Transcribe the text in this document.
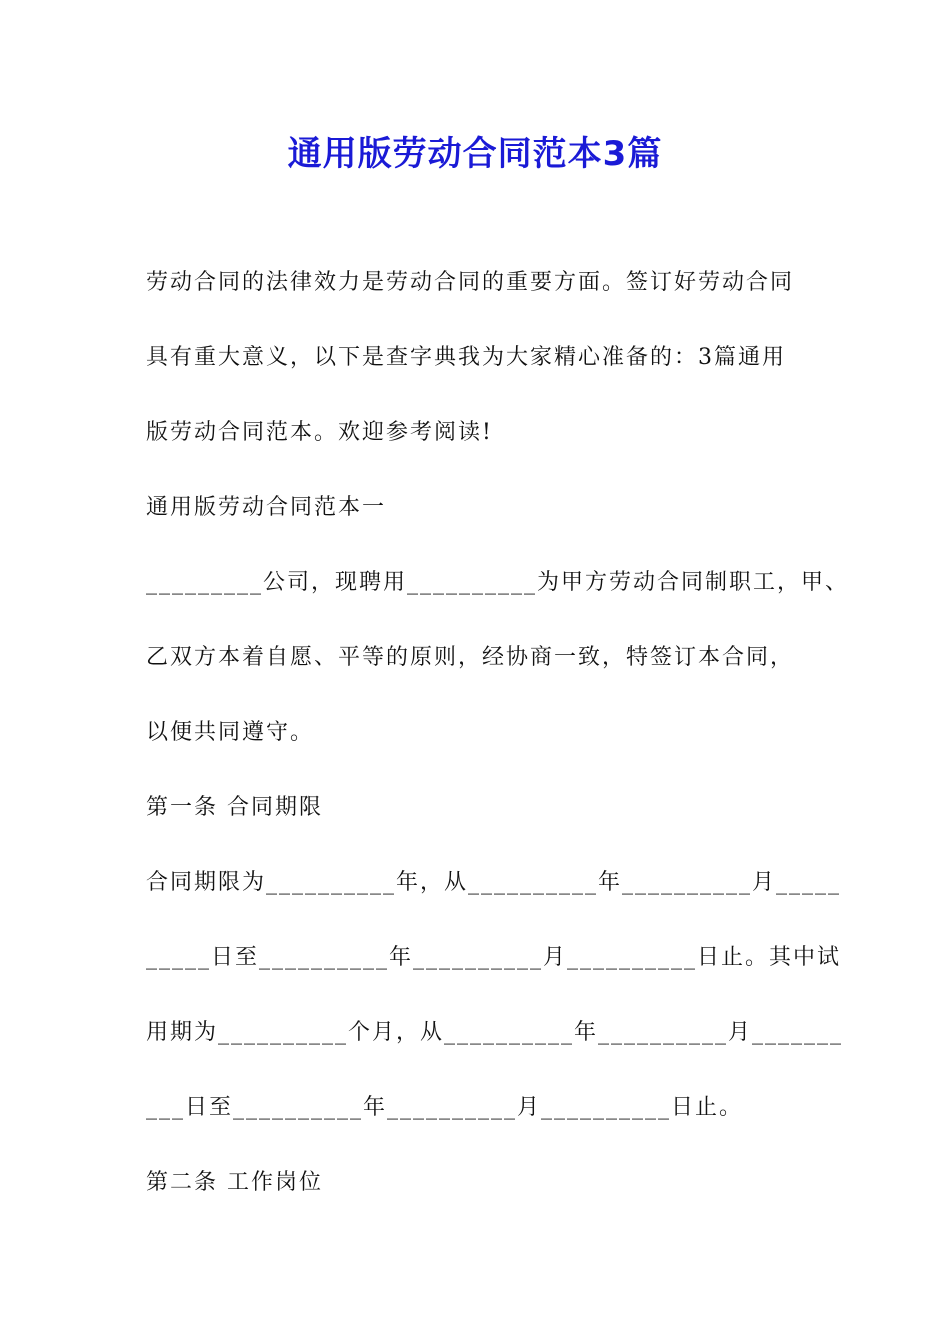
通用版劳动合同范本3篇
劳动合同的法律效力是劳动合同的重要方面。签订好劳动合同
具有重大意义，以下是查字典我为大家精心准备的：3篇通用
版劳动合同范本。欢迎参考阅读!
通用版劳动合同范本一
_________公司，现聘用__________为甲方劳动合同制职工，甲、
乙双方本着自愿、平等的原则，经协商一致，特签订本合同，
以便共同遵守。
第一条 合同期限
合同期限为__________年，从__________年__________月_____
_____日至__________年__________月__________日止。其中试
用期为__________个月，从__________年__________月_______
___日至__________年__________月__________日止。
第二条 工作岗位
